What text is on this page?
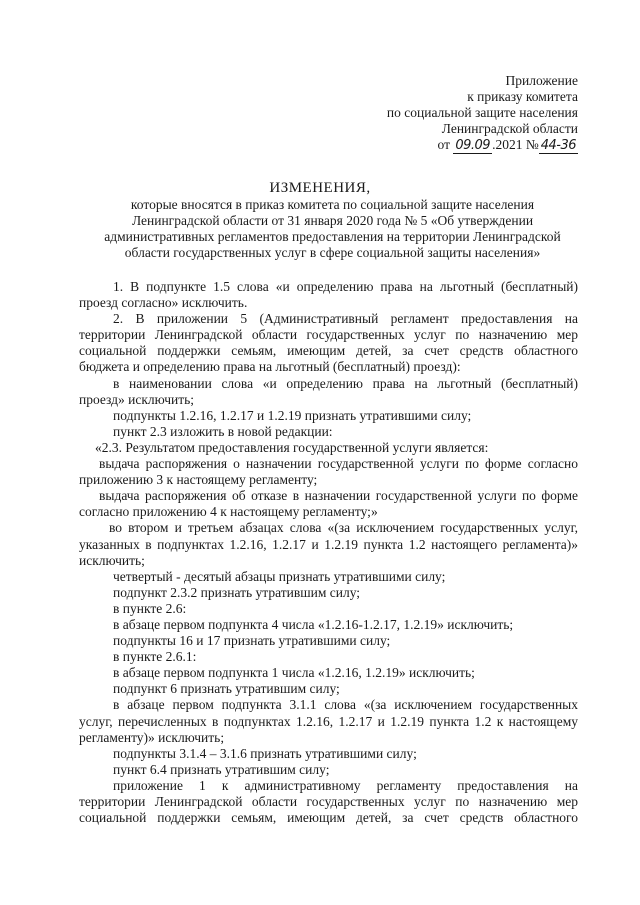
Приложение
к приказу комитета
по социальной защите населения
Ленинградской области
от 09.09 .2021 № 44-36
ИЗМЕНЕНИЯ,
которые вносятся в приказ комитета по социальной защите населения
Ленинградской области от 31 января 2020 года № 5 «Об утверждении
административных регламентов предоставления на территории Ленинградской
области государственных услуг в сфере социальной защиты населения»
1. В подпункте 1.5 слова «и определению права на льготный (бесплатный)
проезд согласно» исключить.
2. В приложении 5 (Административный регламент предоставления на
территории Ленинградской области государственных услуг по назначению мер
социальной поддержки семьям, имеющим детей, за счет средств областного
бюджета и определению права на льготный (бесплатный) проезд):
в наименовании слова «и определению права на льготный (бесплатный)
проезд» исключить;
подпункты 1.2.16, 1.2.17 и 1.2.19 признать утратившими силу;
пункт 2.3 изложить в новой редакции:
«2.3. Результатом предоставления государственной услуги является:
выдача распоряжения о назначении государственной услуги по форме согласно
приложению 3 к настоящему регламенту;
выдача распоряжения об отказе в назначении государственной услуги по форме
согласно приложению 4 к настоящему регламенту;»
во втором и третьем абзацах слова «(за исключением государственных услуг,
указанных в подпунктах 1.2.16, 1.2.17 и 1.2.19 пункта 1.2 настоящего регламента)»
исключить;
четвертый - десятый абзацы признать утратившими силу;
подпункт 2.3.2 признать утратившим силу;
в пункте 2.6:
в абзаце первом подпункта 4 числа «1.2.16-1.2.17, 1.2.19» исключить;
подпункты 16 и 17 признать утратившими силу;
в пункте 2.6.1:
в абзаце первом подпункта 1 числа «1.2.16, 1.2.19» исключить;
подпункт 6 признать утратившим силу;
в абзаце первом подпункта 3.1.1 слова «(за исключением государственных
услуг, перечисленных в подпунктах 1.2.16, 1.2.17 и 1.2.19 пункта 1.2 к настоящему
регламенту)» исключить;
подпункты 3.1.4 – 3.1.6 признать утратившими силу;
пункт 6.4 признать утратившим силу;
приложение 1 к административному регламенту предоставления на
территории Ленинградской области государственных услуг по назначению мер
социальной поддержки семьям, имеющим детей, за счет средств областного
